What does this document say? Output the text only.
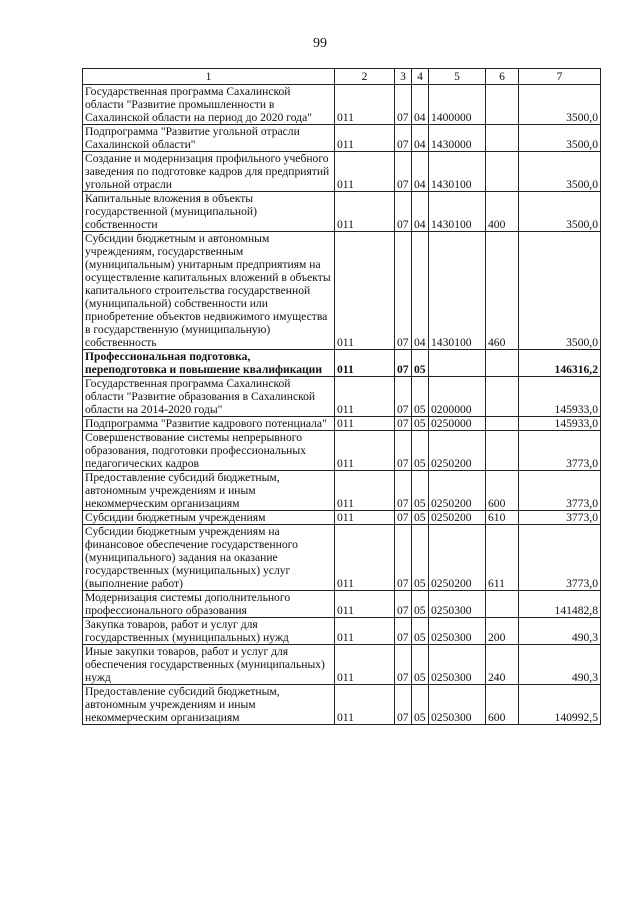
99
1	2	3	4	5	6	7
Государственная программа Сахалинской области "Развитие промышленности в Сахалинской области на период до 2020 года"	011	07	04	1400000		3500,0
Подпрограмма "Развитие угольной отрасли Сахалинской области"	011	07	04	1430000		3500,0
Создание и модернизация профильного учебного заведения по подготовке кадров для предприятий угольной отрасли	011	07	04	1430100		3500,0
Капитальные вложения в объекты государственной (муниципальной) собственности	011	07	04	1430100	400	3500,0
Субсидии бюджетным и автономным учреждениям, государственным (муниципальным) унитарным предприятиям на осуществление капитальных вложений в объекты капитального строительства государственной (муниципальной) собственности или приобретение объектов недвижимого имущества в государственную (муниципальную) собственность	011	07	04	1430100	460	3500,0
Профессиональная подготовка, переподготовка и повышение квалификации	011	07	05			146316,2
Государственная программа Сахалинской области "Развитие образования в Сахалинской области на 2014-2020 годы"	011	07	05	0200000		145933,0
Подпрограмма "Развитие кадрового потенциала"	011	07	05	0250000		145933,0
Совершенствование системы непрерывного образования, подготовки профессиональных педагогических кадров	011	07	05	0250200		3773,0
Предоставление субсидий бюджетным, автономным учреждениям и иным некоммерческим организациям	011	07	05	0250200	600	3773,0
Субсидии бюджетным учреждениям	011	07	05	0250200	610	3773,0
Субсидии бюджетным учреждениям на финансовое обеспечение государственного (муниципального) задания на оказание государственных (муниципальных) услуг (выполнение работ)	011	07	05	0250200	611	3773,0
Модернизация системы дополнительного профессионального образования	011	07	05	0250300		141482,8
Закупка товаров, работ и услуг для государственных (муниципальных) нужд	011	07	05	0250300	200	490,3
Иные закупки товаров, работ и услуг для обеспечения государственных (муниципальных) нужд	011	07	05	0250300	240	490,3
Предоставление субсидий бюджетным, автономным учреждениям и иным некоммерческим организациям	011	07	05	0250300	600	140992,5
